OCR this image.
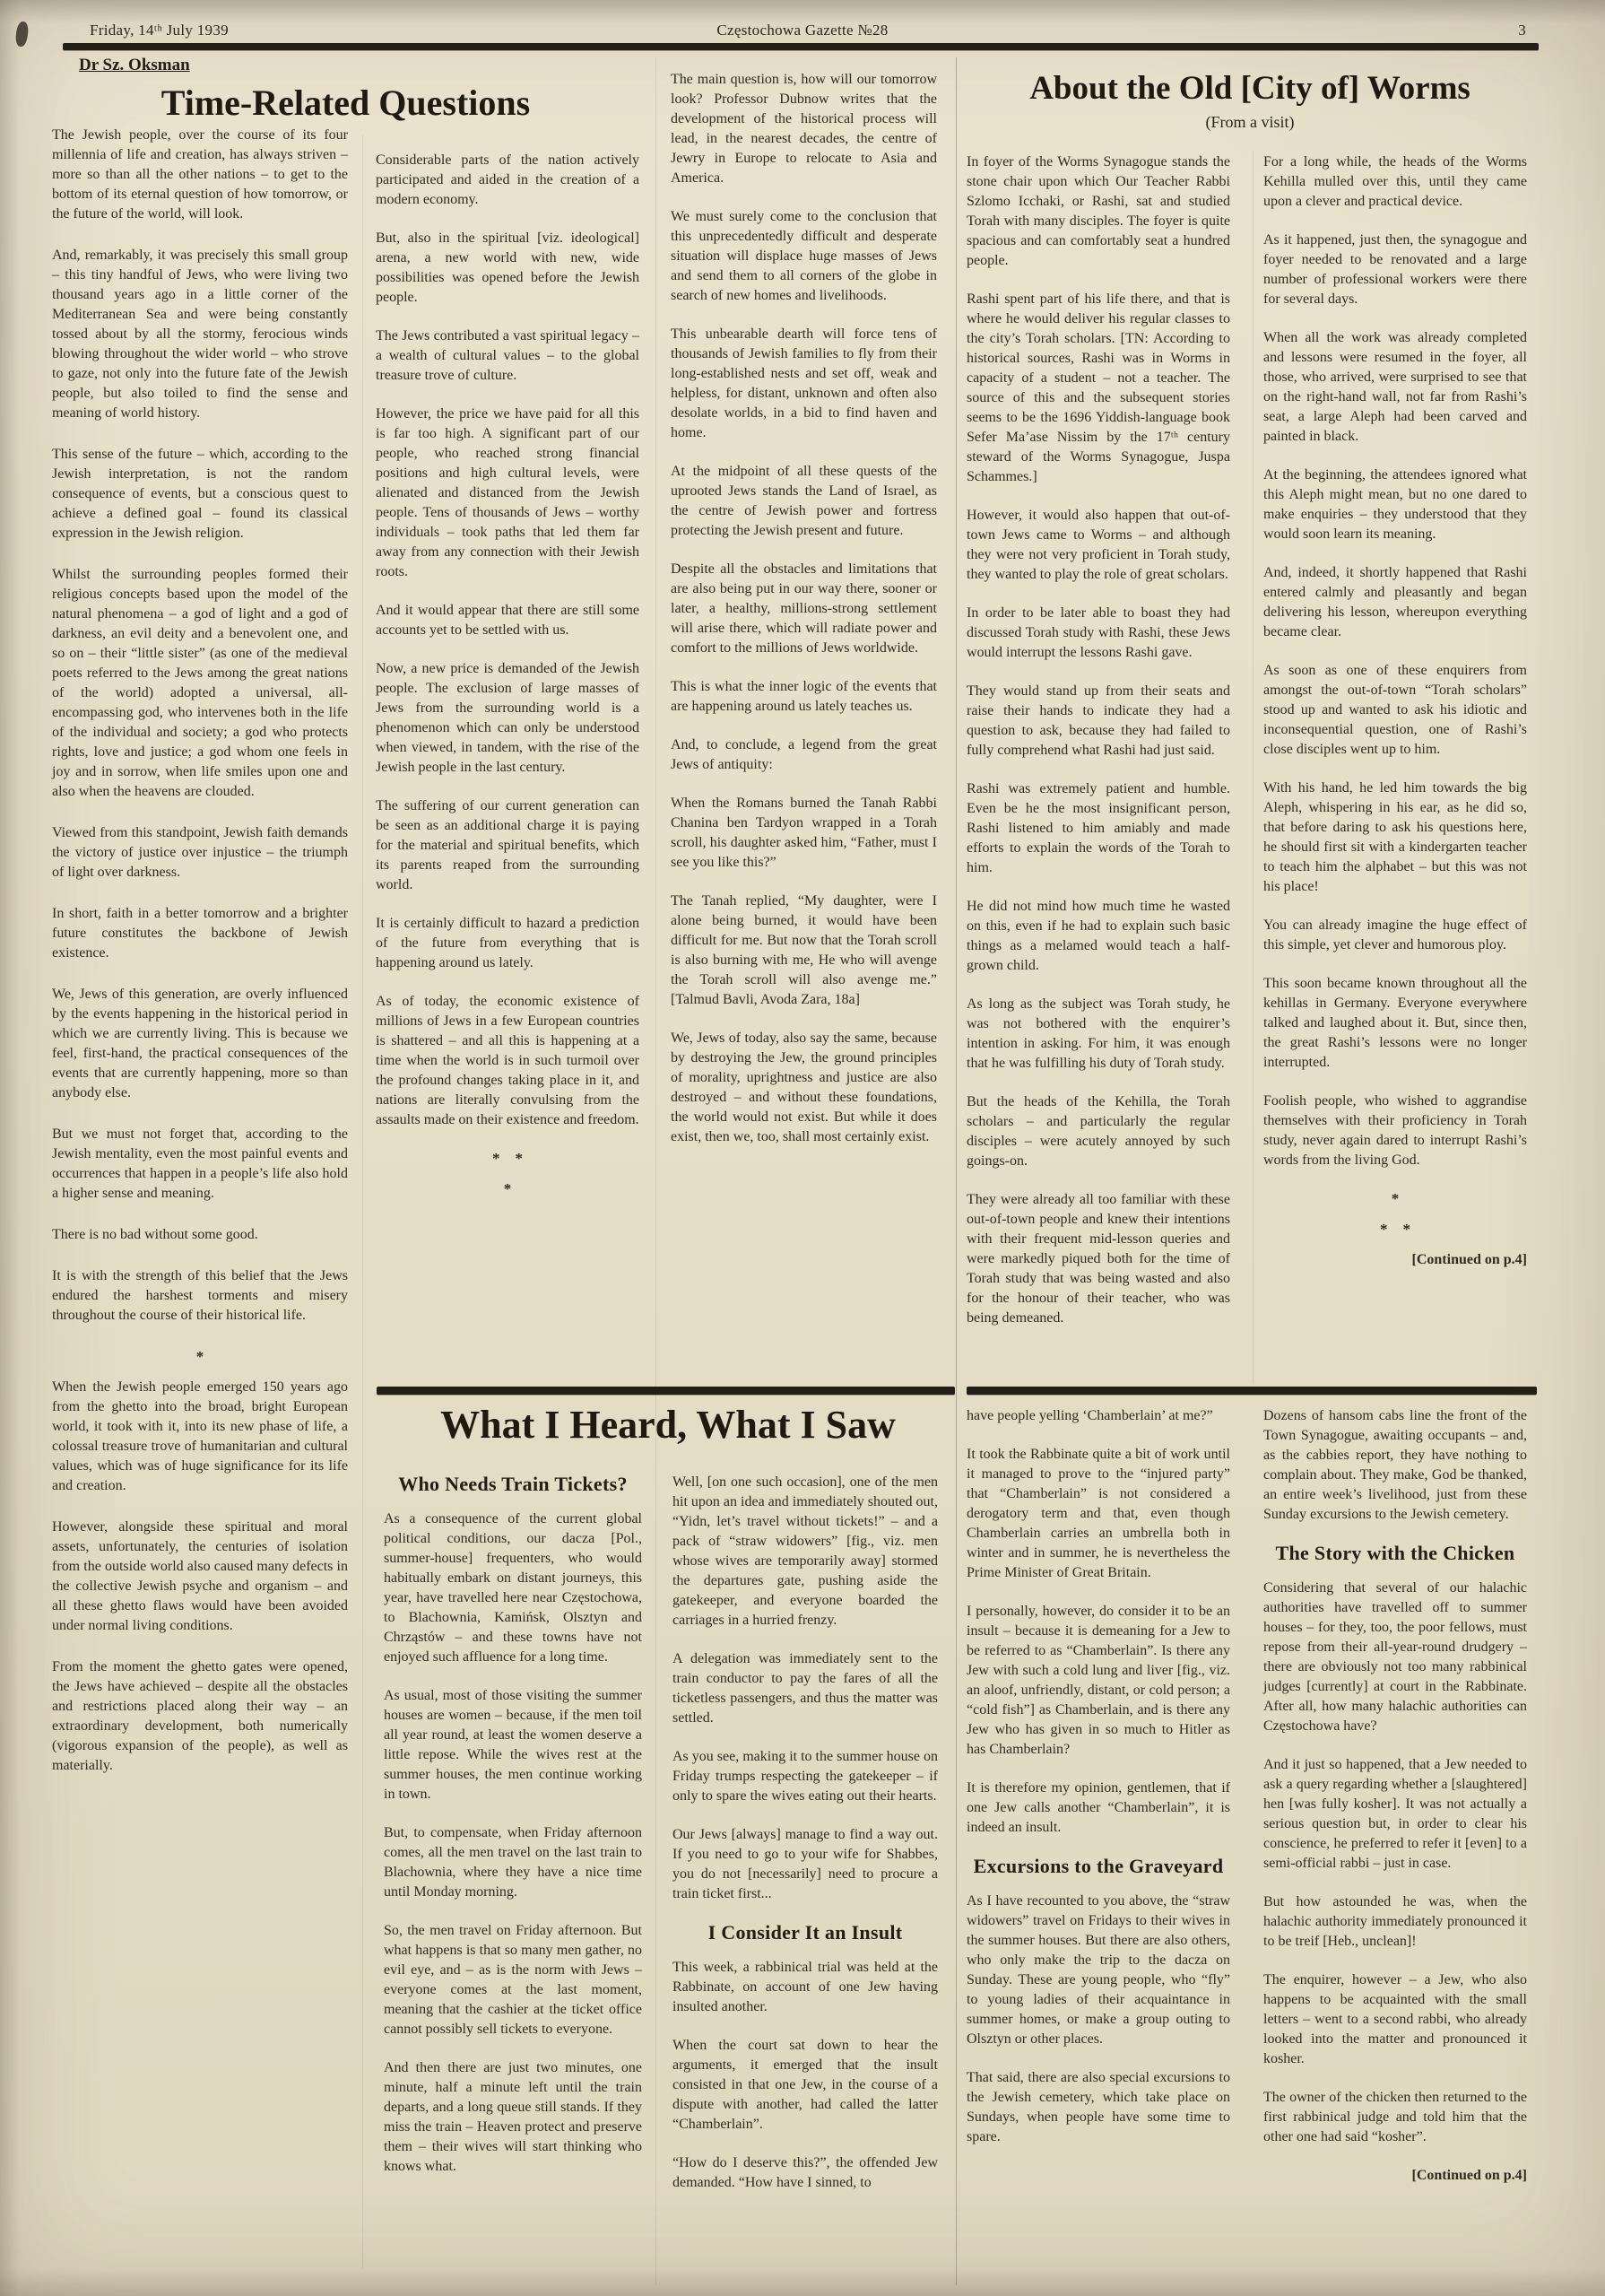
Friday, 14ᵗʰ July 1939	Częstochowa Gazette №28	3
Dr Sz. Oksman
Time-Related Questions

The Jewish people, over the course of its four millennia of life and creation, has always striven – more so than all the other nations – to get to the bottom of its eternal question of how tomorrow, or the future of the world, will look.

And, remarkably, it was precisely this small group – this tiny handful of Jews, who were living two thousand years ago in a little corner of the Mediterranean Sea and were being constantly tossed about by all the stormy, ferocious winds blowing throughout the wider world – who strove to gaze, not only into the future fate of the Jewish people, but also toiled to find the sense and meaning of world history.

This sense of the future – which, according to the Jewish interpretation, is not the random consequence of events, but a conscious quest to achieve a defined goal – found its classical expression in the Jewish religion.

Whilst the surrounding peoples formed their religious concepts based upon the model of the natural phenomena – a god of light and a god of darkness, an evil deity and a benevolent one, and so on – their “little sister” (as one of the medieval poets referred to the Jews among the great nations of the world) adopted a universal, all-encompassing god, who intervenes both in the life of the individual and society; a god who protects rights, love and justice; a god whom one feels in joy and in sorrow, when life smiles upon one and also when the heavens are clouded.

Viewed from this standpoint, Jewish faith demands the victory of justice over injustice – the triumph of light over darkness.

In short, faith in a better tomorrow and a brighter future constitutes the backbone of Jewish existence.

We, Jews of this generation, are overly influenced by the events happening in the historical period in which we are currently living. This is because we feel, first-hand, the practical consequences of the events that are currently happening, more so than anybody else.

But we must not forget that, according to the Jewish mentality, even the most painful events and occurrences that happen in a people’s life also hold a higher sense and meaning.

There is no bad without some good.

It is with the strength of this belief that the Jews endured the harshest torments and misery throughout the course of their historical life.

*

When the Jewish people emerged 150 years ago from the ghetto into the broad, bright European world, it took with it, into its new phase of life, a colossal treasure trove of humanitarian and cultural values, which was of huge significance for its life and creation.

However, alongside these spiritual and moral assets, unfortunately, the centuries of isolation from the outside world also caused many defects in the collective Jewish psyche and organism – and all these ghetto flaws would have been avoided under normal living conditions.

From the moment the ghetto gates were opened, the Jews have achieved – despite all the obstacles and restrictions placed along their way – an extraordinary development, both numerically (vigorous expansion of the people), as well as materially.

Considerable parts of the nation actively participated and aided in the creation of a modern economy.

But, also in the spiritual [viz. ideological] arena, a new world with new, wide possibilities was opened before the Jewish people.

The Jews contributed a vast spiritual legacy – a wealth of cultural values – to the global treasure trove of culture.

However, the price we have paid for all this is far too high. A significant part of our people, who reached strong financial positions and high cultural levels, were alienated and distanced from the Jewish people. Tens of thousands of Jews – worthy individuals – took paths that led them far away from any connection with their Jewish roots.

And it would appear that there are still some accounts yet to be settled with us.

Now, a new price is demanded of the Jewish people. The exclusion of large masses of Jews from the surrounding world is a phenomenon which can only be understood when viewed, in tandem, with the rise of the Jewish people in the last century.

The suffering of our current generation can be seen as an additional charge it is paying for the material and spiritual benefits, which its parents reaped from the surrounding world.

It is certainly difficult to hazard a prediction of the future from everything that is happening around us lately.

As of today, the economic existence of millions of Jews in a few European countries is shattered – and all this is happening at a time when the world is in such turmoil over the profound changes taking place in it, and nations are literally convulsing from the assaults made on their existence and freedom.

*    *

*

The main question is, how will our tomorrow look? Professor Dubnow writes that the development of the historical process will lead, in the nearest decades, the centre of Jewry in Europe to relocate to Asia and America.

We must surely come to the conclusion that this unprecedentedly difficult and desperate situation will displace huge masses of Jews and send them to all corners of the globe in search of new homes and livelihoods.

This unbearable dearth will force tens of thousands of Jewish families to fly from their long-established nests and set off, weak and helpless, for distant, unknown and often also desolate worlds, in a bid to find haven and home.

At the midpoint of all these quests of the uprooted Jews stands the Land of Israel, as the centre of Jewish power and fortress protecting the Jewish present and future.

Despite all the obstacles and limitations that are also being put in our way there, sooner or later, a healthy, millions-strong settlement will arise there, which will radiate power and comfort to the millions of Jews worldwide.

This is what the inner logic of the events that are happening around us lately teaches us.

And, to conclude, a legend from the great Jews of antiquity:

When the Romans burned the Tanah Rabbi Chanina ben Tardyon wrapped in a Torah scroll, his daughter asked him, “Father, must I see you like this?”

The Tanah replied, “My daughter, were I alone being burned, it would have been difficult for me. But now that the Torah scroll is also burning with me, He who will avenge the Torah scroll will also avenge me.” [Talmud Bavli, Avoda Zara, 18a]

We, Jews of today, also say the same, because by destroying the Jew, the ground principles of morality, uprightness and justice are also destroyed – and without these foundations, the world would not exist. But while it does exist, then we, too, shall most certainly exist.

About the Old [City of] Worms
(From a visit)

In foyer of the Worms Synagogue stands the stone chair upon which Our Teacher Rabbi Szlomo Icchaki, or Rashi, sat and studied Torah with many disciples. The foyer is quite spacious and can comfortably seat a hundred people.

Rashi spent part of his life there, and that is where he would deliver his regular classes to the city’s Torah scholars. [TN: According to historical sources, Rashi was in Worms in capacity of a student – not a teacher. The source of this and the subsequent stories seems to be the 1696 Yiddish-language book Sefer Ma’ase Nissim by the 17ᵗʰ century steward of the Worms Synagogue, Juspa Schammes.]

However, it would also happen that out-of-town Jews came to Worms – and although they were not very proficient in Torah study, they wanted to play the role of great scholars.

In order to be later able to boast they had discussed Torah study with Rashi, these Jews would interrupt the lessons Rashi gave.

They would stand up from their seats and raise their hands to indicate they had a question to ask, because they had failed to fully comprehend what Rashi had just said.

Rashi was extremely patient and humble. Even be he the most insignificant person, Rashi listened to him amiably and made efforts to explain the words of the Torah to him.

He did not mind how much time he wasted on this, even if he had to explain such basic things as a melamed would teach a half-grown child.

As long as the subject was Torah study, he was not bothered with the enquirer’s intention in asking. For him, it was enough that he was fulfilling his duty of Torah study.

But the heads of the Kehilla, the Torah scholars – and particularly the regular disciples – were acutely annoyed by such goings-on.

They were already all too familiar with these out-of-town people and knew their intentions with their frequent mid-lesson queries and were markedly piqued both for the time of Torah study that was being wasted and also for the honour of their teacher, who was being demeaned.

For a long while, the heads of the Worms Kehilla mulled over this, until they came upon a clever and practical device.

As it happened, just then, the synagogue and foyer needed to be renovated and a large number of professional workers were there for several days.

When all the work was already completed and lessons were resumed in the foyer, all those, who arrived, were surprised to see that on the right-hand wall, not far from Rashi’s seat, a large Aleph had been carved and painted in black.

At the beginning, the attendees ignored what this Aleph might mean, but no one dared to make enquiries – they understood that they would soon learn its meaning.

And, indeed, it shortly happened that Rashi entered calmly and pleasantly and began delivering his lesson, whereupon everything became clear.

As soon as one of these enquirers from amongst the out-of-town “Torah scholars” stood up and wanted to ask his idiotic and inconsequential question, one of Rashi’s close disciples went up to him.

With his hand, he led him towards the big Aleph, whispering in his ear, as he did so, that before daring to ask his questions here, he should first sit with a kindergarten teacher to teach him the alphabet – but this was not his place!

You can already imagine the huge effect of this simple, yet clever and humorous ploy.

This soon became known throughout all the kehillas in Germany. Everyone everywhere talked and laughed about it. But, since then, the great Rashi’s lessons were no longer interrupted.

Foolish people, who wished to aggrandise themselves with their proficiency in Torah study, never again dared to interrupt Rashi’s words from the living God.

*

*    *

[Continued on p.4]

What I Heard, What I Saw

Who Needs Train Tickets?

As a consequence of the current global political conditions, our dacza [Pol., summer-house] frequenters, who would habitually embark on distant journeys, this year, have travelled here near Częstochowa, to Blachownia, Kamińsk, Olsztyn and Chrząstów – and these towns have not enjoyed such affluence for a long time.

As usual, most of those visiting the summer houses are women – because, if the men toil all year round, at least the women deserve a little repose. While the wives rest at the summer houses, the men continue working in town.

But, to compensate, when Friday afternoon comes, all the men travel on the last train to Blachownia, where they have a nice time until Monday morning.

So, the men travel on Friday afternoon. But what happens is that so many men gather, no evil eye, and – as is the norm with Jews – everyone comes at the last moment, meaning that the cashier at the ticket office cannot possibly sell tickets to everyone.

And then there are just two minutes, one minute, half a minute left until the train departs, and a long queue still stands. If they miss the train – Heaven protect and preserve them – their wives will start thinking who knows what.

Well, [on one such occasion], one of the men hit upon an idea and immediately shouted out, “Yidn, let’s travel without tickets!” – and a pack of “straw widowers” [fig., viz. men whose wives are temporarily away] stormed the departures gate, pushing aside the gatekeeper, and everyone boarded the carriages in a hurried frenzy.

A delegation was immediately sent to the train conductor to pay the fares of all the ticketless passengers, and thus the matter was settled.

As you see, making it to the summer house on Friday trumps respecting the gatekeeper – if only to spare the wives eating out their hearts.

Our Jews [always] manage to find a way out. If you need to go to your wife for Shabbes, you do not [necessarily] need to procure a train ticket first...

I Consider It an Insult

This week, a rabbinical trial was held at the Rabbinate, on account of one Jew having insulted another.

When the court sat down to hear the arguments, it emerged that the insult consisted in that one Jew, in the course of a dispute with another, had called the latter “Chamberlain”.

“How do I deserve this?”, the offended Jew demanded. “How have I sinned, to

have people yelling ‘Chamberlain’ at me?”

It took the Rabbinate quite a bit of work until it managed to prove to the “injured party” that “Chamberlain” is not considered a derogatory term and that, even though Chamberlain carries an umbrella both in winter and in summer, he is nevertheless the Prime Minister of Great Britain.

I personally, however, do consider it to be an insult – because it is demeaning for a Jew to be referred to as “Chamberlain”. Is there any Jew with such a cold lung and liver [fig., viz. an aloof, unfriendly, distant, or cold person; a “cold fish”] as Chamberlain, and is there any Jew who has given in so much to Hitler as has Chamberlain?

It is therefore my opinion, gentlemen, that if one Jew calls another “Chamberlain”, it is indeed an insult.

Excursions to the Graveyard

As I have recounted to you above, the “straw widowers” travel on Fridays to their wives in the summer houses. But there are also others, who only make the trip to the dacza on Sunday. These are young people, who “fly” to young ladies of their acquaintance in summer homes, or make a group outing to Olsztyn or other places.

That said, there are also special excursions to the Jewish cemetery, which take place on Sundays, when people have some time to spare.

Dozens of hansom cabs line the front of the Town Synagogue, awaiting occupants – and, as the cabbies report, they have nothing to complain about. They make, God be thanked, an entire week’s livelihood, just from these Sunday excursions to the Jewish cemetery.

The Story with the Chicken

Considering that several of our halachic authorities have travelled off to summer houses – for they, too, the poor fellows, must repose from their all-year-round drudgery – there are obviously not too many rabbinical judges [currently] at court in the Rabbinate. After all, how many halachic authorities can Częstochowa have?

And it just so happened, that a Jew needed to ask a query regarding whether a [slaughtered] hen [was fully kosher]. It was not actually a serious question but, in order to clear his conscience, he preferred to refer it [even] to a semi-official rabbi – just in case.

But how astounded he was, when the halachic authority immediately pronounced it to be treif [Heb., unclean]!

The enquirer, however – a Jew, who also happens to be acquainted with the small letters – went to a second rabbi, who already looked into the matter and pronounced it kosher.

The owner of the chicken then returned to the first rabbinical judge and told him that the other one had said “kosher”.

[Continued on p.4]
